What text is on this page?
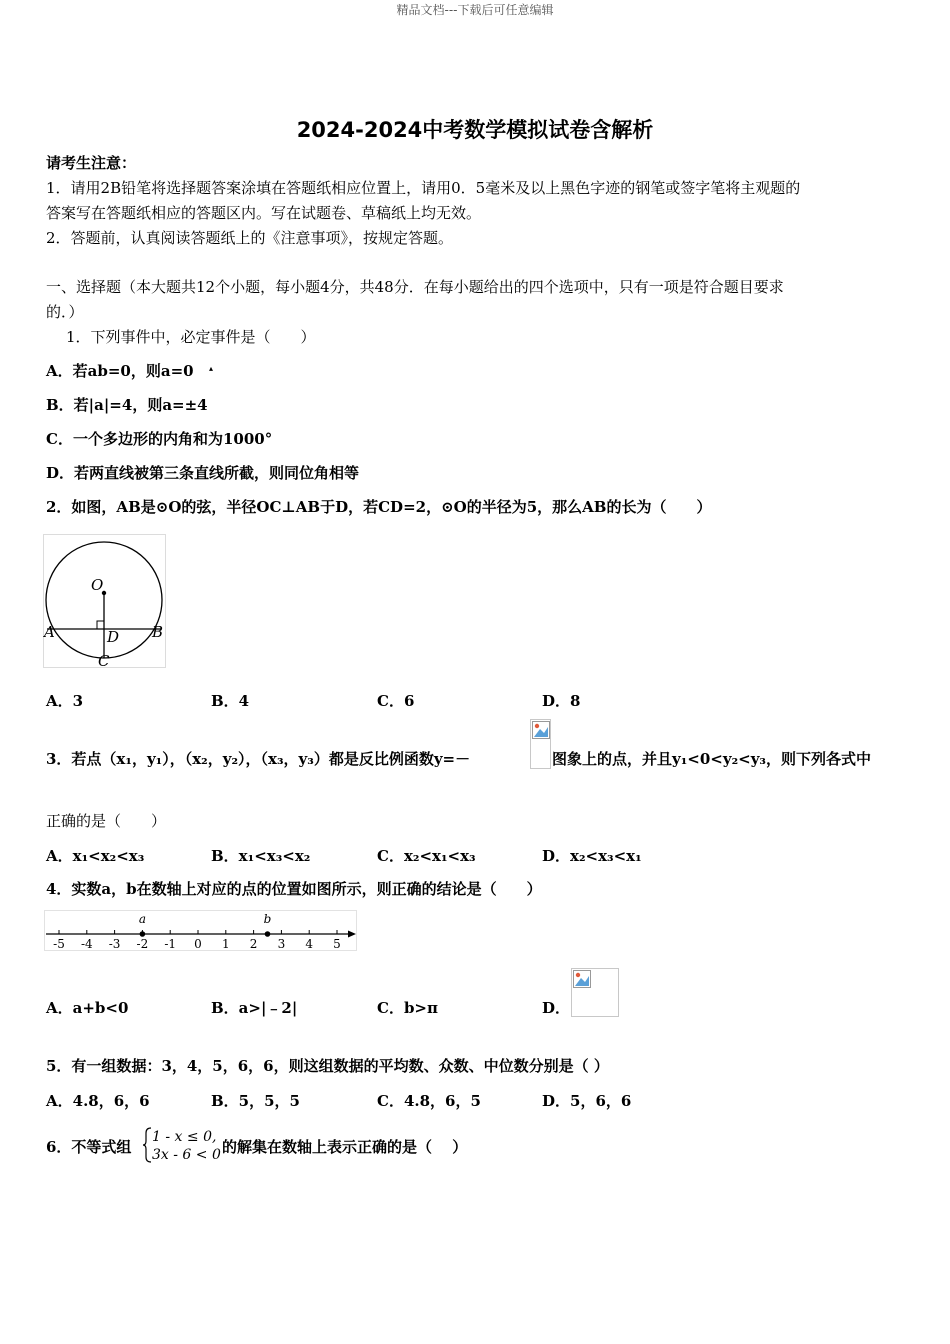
精品文档---下载后可任意编辑
2024-2024中考数学模拟试卷含解析
请考生注意：
1．请用2B铅笔将选择题答案涂填在答题纸相应位置上，请用0．5毫米及以上黑色字迹的钢笔或签字笔将主观题的
答案写在答题纸相应的答题区内。写在试题卷、草稿纸上均无效。
2．答题前，认真阅读答题纸上的《注意事项》，按规定答题。
一、选择题（本大题共12个小题，每小题4分，共48分．在每小题给出的四个选项中，只有一项是符合题目要求
的．）
1．下列事件中，必定事件是（　　）
A．若ab=0，则a=0 ▴
B．若|a|=4，则a=±4
C．一个多边形的内角和为1000°
D．若两直线被第三条直线所截，则同位角相等
2．如图，AB是⊙O的弦，半径OC⊥AB于D，若CD=2，⊙O的半径为5，那么AB的长为（　　）
O
A	B
D
C
A．3	B．4	C．6	D．8
3．若点（x₁，y₁），（x₂，y₂），（x₃，y₃）都是反比例函数y=－	图象上的点，并且y₁<0<y₂<y₃，则下列各式中
正确的是（　　）
A．x₁<x₂<x₃	B．x₁<x₃<x₂	C．x₂<x₁<x₃	D．x₂<x₃<x₁
4．实数a，b在数轴上对应的点的位置如图所示，则正确的结论是（　　）
-5 -4 -3 -2 -1 0 1 2 3 4 5
a	b
A．a+b<0	B．a>|﹣2|	C．b>π	D．
5．有一组数据：3，4，5，6，6，则这组数据的平均数、众数、中位数分别是（ ）
A．4.8，6，6	B．5，5，5	C．4.8，6，5	D．5，6，6
6．不等式组
1 - x ≤ 0,
3x - 6 < 0 的解集在数轴上表示正确的是（　 ）
